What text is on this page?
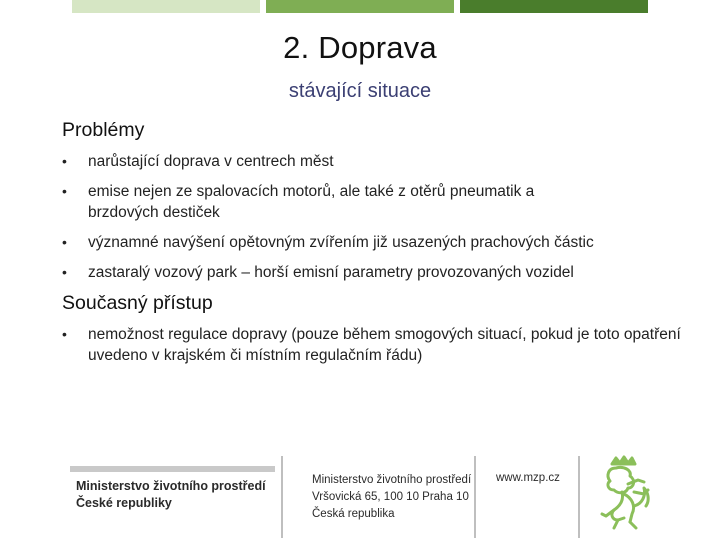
2. Doprava
stávající situace
Problémy
• narůstající doprava v centrech měst
• emise nejen ze spalovacích motorů, ale také z otěrů pneumatik a brzdových destiček
• významné navýšení opětovným zvířením již usazených prachových částic
• zastaralý vozový park – horší emisní parametry provozovaných vozidel
Současný přístup
• nemožnost regulace dopravy (pouze během smogových situací, pokud je toto opatření uvedeno v krajském či místním regulačním řádu)
Ministerstvo životního prostředí
České republiky
Ministerstvo životního prostředí
Vršovická 65, 100 10 Praha 10
Česká republika
www.mzp.cz
